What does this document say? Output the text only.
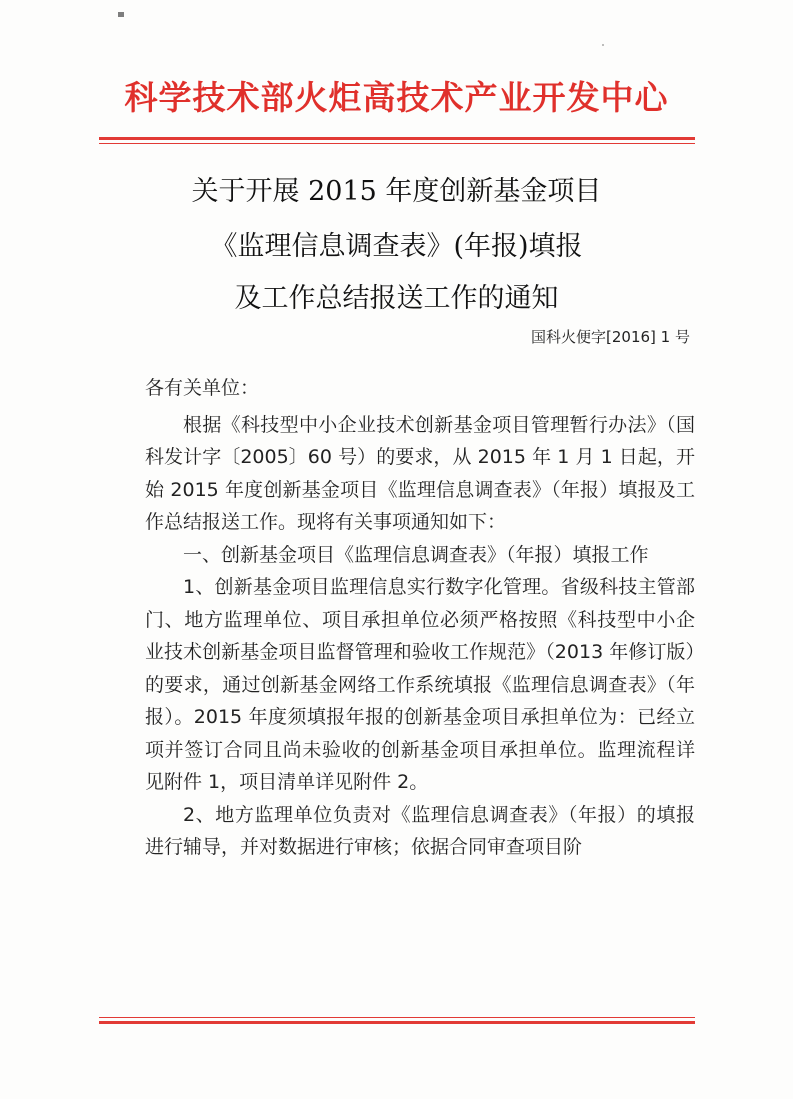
科学技术部火炬高技术产业开发中心
关于开展 2015 年度创新基金项目
《监理信息调查表》(年报)填报
及工作总结报送工作的通知
国科火便字[2016] 1 号

各有关单位：

根据《科技型中小企业技术创新基金项目管理暂行办法》（国科发计字〔2005〕60 号）的要求，从 2015 年 1 月 1 日起，开始 2015 年度创新基金项目《监理信息调查表》（年报）填报及工作总结报送工作。现将有关事项通知如下：

一、创新基金项目《监理信息调查表》（年报）填报工作

1、创新基金项目监理信息实行数字化管理。省级科技主管部门、地方监理单位、项目承担单位必须严格按照《科技型中小企业技术创新基金项目监督管理和验收工作规范》（2013 年修订版）的要求，通过创新基金网络工作系统填报《监理信息调查表》（年报）。2015 年度须填报年报的创新基金项目承担单位为：已经立项并签订合同且尚未验收的创新基金项目承担单位。监理流程详见附件 1，项目清单详见附件 2。

2、地方监理单位负责对《监理信息调查表》（年报）的填报进行辅导，并对数据进行审核；依据合同审查项目阶
